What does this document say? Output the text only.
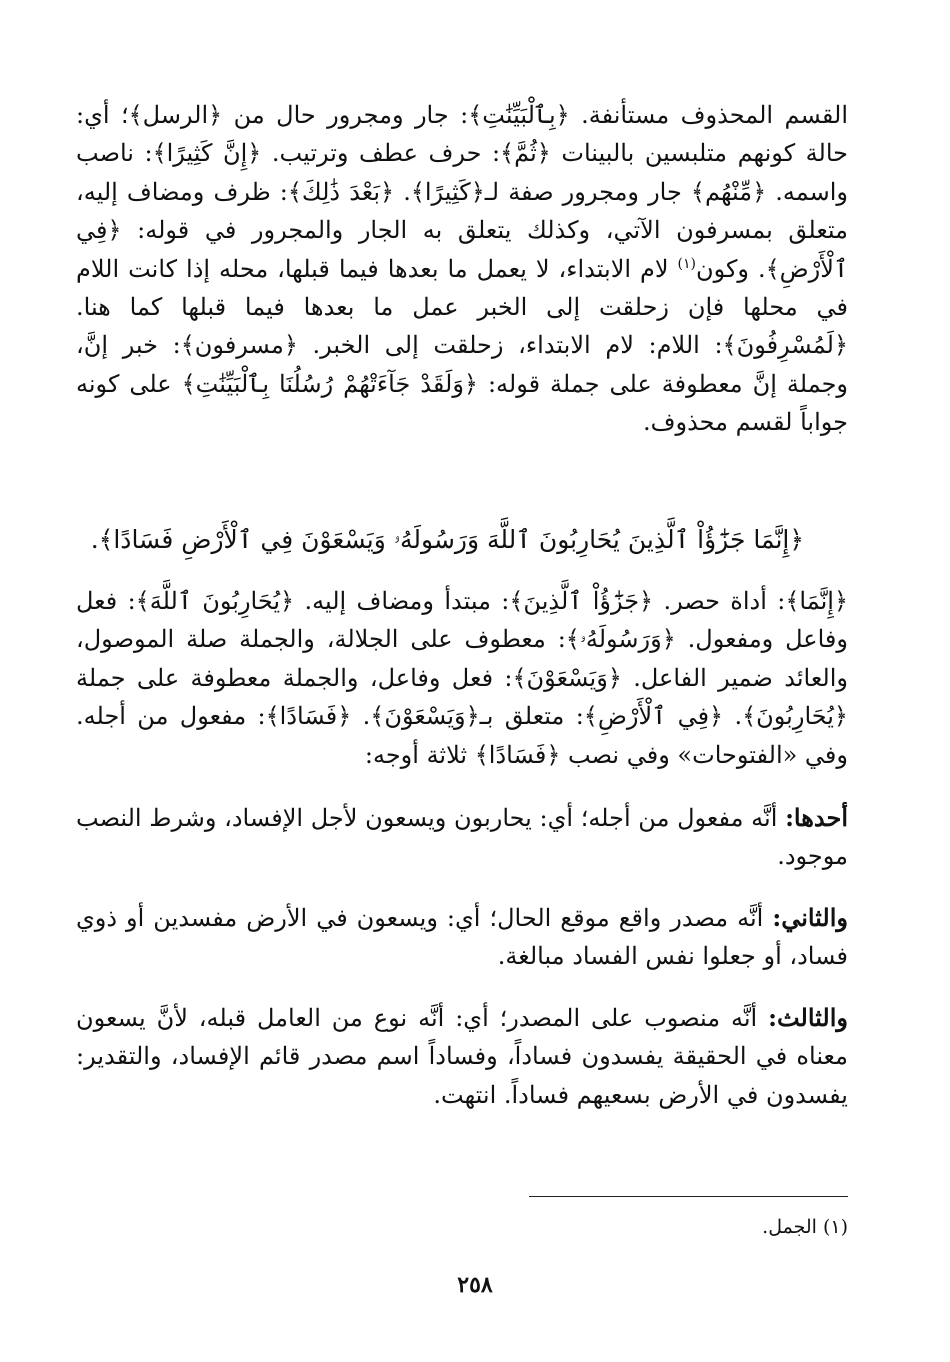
القسم المحذوف مستأنفة. ﴿بِٱلْبَيِّنَٰتِ﴾: جار ومجرور حال من ﴿الرسل﴾؛ أي: حالة كونهم متلبسين بالبينات ﴿ثُمَّ﴾: حرف عطف وترتيب. ﴿إِنَّ كَثِيرًا﴾: ناصب واسمه. ﴿مِّنْهُم﴾ جار ومجرور صفة لـ﴿كَثِيرًا﴾. ﴿بَعْدَ ذَٰلِكَ﴾: ظرف ومضاف إليه، متعلق بمسرفون الآتي، وكذلك يتعلق به الجار والمجرور في قوله: ﴿فِي ٱلْأَرْضِ﴾. وكون$^{(١)}$ لام الابتداء، لا يعمل ما بعدها فيما قبلها، محله إذا كانت اللام في محلها فإن زحلقت إلى الخبر عمل ما بعدها فيما قبلها كما هنا. ﴿لَمُسْرِفُونَ﴾: اللام: لام الابتداء، زحلقت إلى الخبر. ﴿مسرفون﴾: خبر إنَّ، وجملة إنَّ معطوفة على جملة قوله: ﴿وَلَقَدْ جَآءَتْهُمْ رُسُلُنَا بِٱلْبَيِّنَٰتِ﴾ على كونه جواباً لقسم محذوف.

﴿إِنَّمَا جَزَٰٓؤُاْ ٱلَّذِينَ يُحَارِبُونَ ٱللَّهَ وَرَسُولَهُۥ وَيَسْعَوْنَ فِي ٱلْأَرْضِ فَسَادًا﴾.

﴿إِنَّمَا﴾: أداة حصر. ﴿جَزَٰٓؤُاْ ٱلَّذِينَ﴾: مبتدأ ومضاف إليه. ﴿يُحَارِبُونَ ٱللَّهَ﴾: فعل وفاعل ومفعول. ﴿وَرَسُولَهُۥ﴾: معطوف على الجلالة، والجملة صلة الموصول، والعائد ضمير الفاعل. ﴿وَيَسْعَوْنَ﴾: فعل وفاعل، والجملة معطوفة على جملة ﴿يُحَارِبُونَ﴾. ﴿فِي ٱلْأَرْضِ﴾: متعلق بـ﴿وَيَسْعَوْنَ﴾. ﴿فَسَادًا﴾: مفعول من أجله. وفي «الفتوحات» وفي نصب ﴿فَسَادًا﴾ ثلاثة أوجه:

أحدها: أنَّه مفعول من أجله؛ أي: يحاربون ويسعون لأجل الإفساد، وشرط النصب موجود.

والثاني: أنَّه مصدر واقع موقع الحال؛ أي: ويسعون في الأرض مفسدين أو ذوي فساد، أو جعلوا نفس الفساد مبالغة.

والثالث: أنَّه منصوب على المصدر؛ أي: أنَّه نوع من العامل قبله، لأنَّ يسعون معناه في الحقيقة يفسدون فساداً، وفساداً اسم مصدر قائم الإفساد، والتقدير: يفسدون في الأرض بسعيهم فساداً. انتهت.

(١) الجمل.
٢٥٨
